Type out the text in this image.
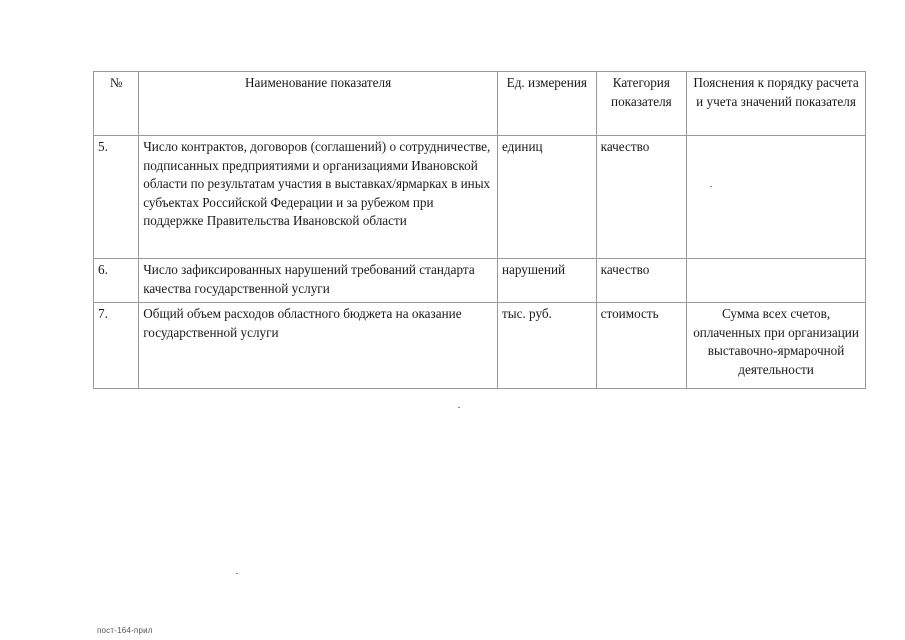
№	Наименование показателя	Ед. измерения	Категория показателя	Пояснения к порядку расчета и учета значений показателя
5.	Число контрактов, договоров (соглашений) о сотрудничестве, подписанных предприятиями и организациями Ивановской области по результатам участия в выставках/ярмарках в иных субъектах Российской Федерации и за рубежом при поддержке Правительства Ивановской области	единиц	качество	
6.	Число зафиксированных нарушений требований стандарта качества государственной услуги	нарушений	качество	
7.	Общий объем расходов областного бюджета на оказание государственной услуги	тыс. руб.	стоимость	Сумма всех счетов, оплаченных при организации выставочно-ярмарочной деятельности
пост-164-прил
